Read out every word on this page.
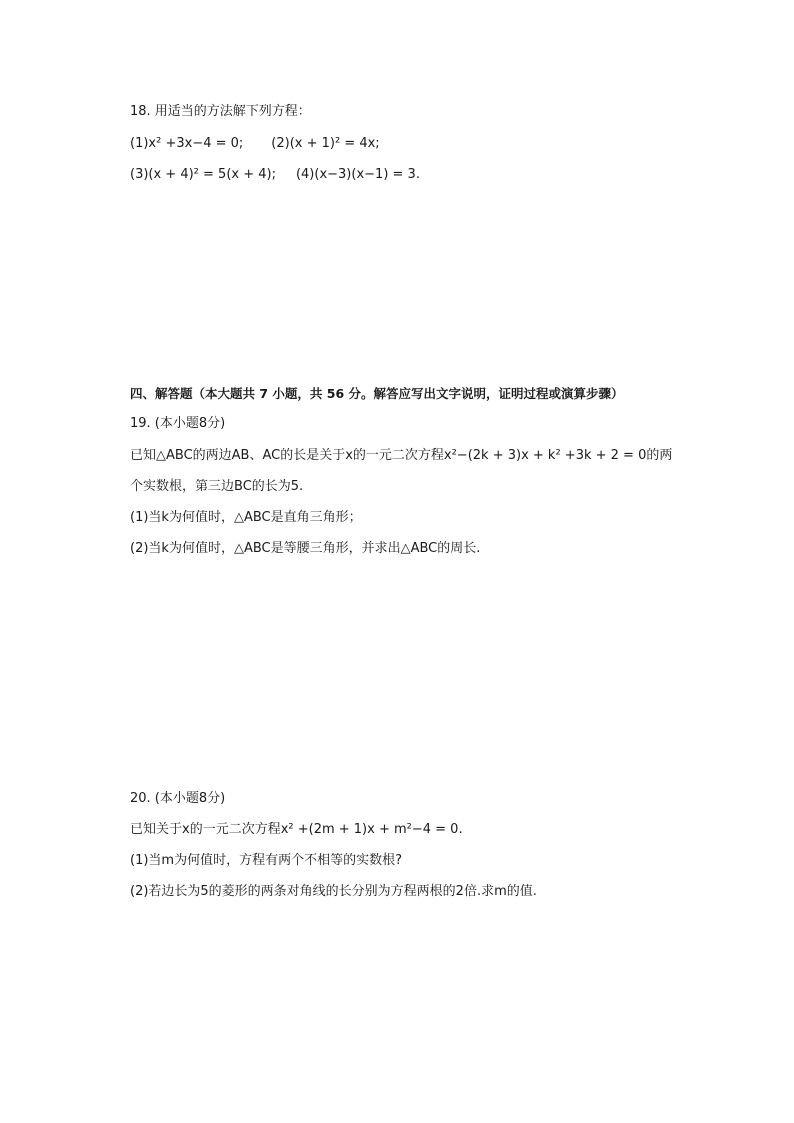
18. 用适当的方法解下列方程：
(1)x² +3x−4 = 0; (2)(x + 1)² = 4x;
(3)(x + 4)² = 5(x + 4); (4)(x−3)(x−1) = 3.
四、解答题（本大题共 7 小题，共 56 分。解答应写出文字说明，证明过程或演算步骤）
19. (本小题8分)
已知△ABC的两边AB、AC的长是关于x的一元二次方程x²−(2k + 3)x + k² +3k + 2 = 0的两
个实数根，第三边BC的长为5.
(1)当k为何值时，△ABC是直角三角形；
(2)当k为何值时，△ABC是等腰三角形，并求出△ABC的周长.
20. (本小题8分)
已知关于x的一元二次方程x² +(2m + 1)x + m²−4 = 0.
(1)当m为何值时，方程有两个不相等的实数根?
(2)若边长为5的菱形的两条对角线的长分别为方程两根的2倍.求m的值.
